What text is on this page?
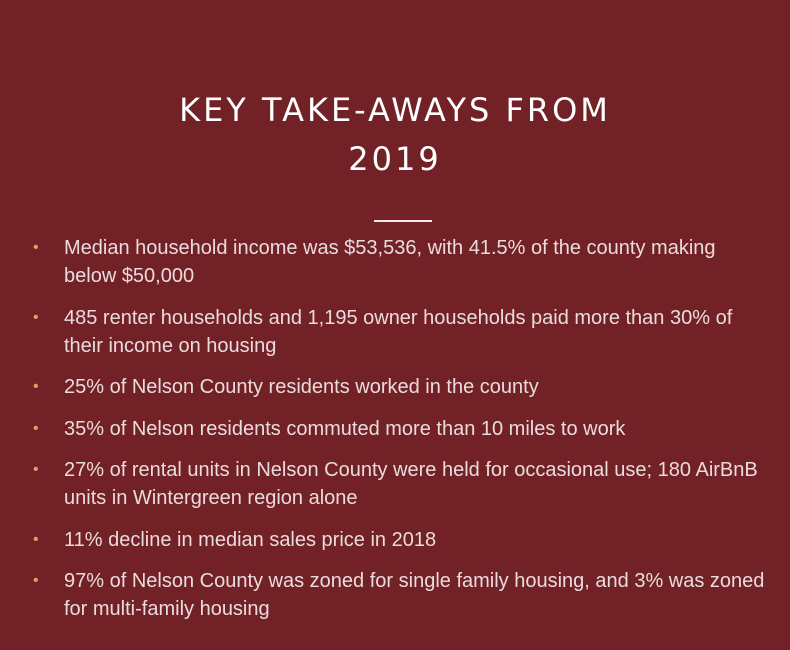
KEY TAKE-AWAYS FROM
2019
• Median household income was $53,536, with 41.5% of the county making below $50,000
• 485 renter households and 1,195 owner households paid more than 30% of their income on housing
• 25% of Nelson County residents worked in the county
• 35% of Nelson residents commuted more than 10 miles to work
• 27% of rental units in Nelson County were held for occasional use; 180 AirBnB units in Wintergreen region alone
• 11% decline in median sales price in 2018
• 97% of Nelson County was zoned for single family housing, and 3% was zoned for multi-family housing
